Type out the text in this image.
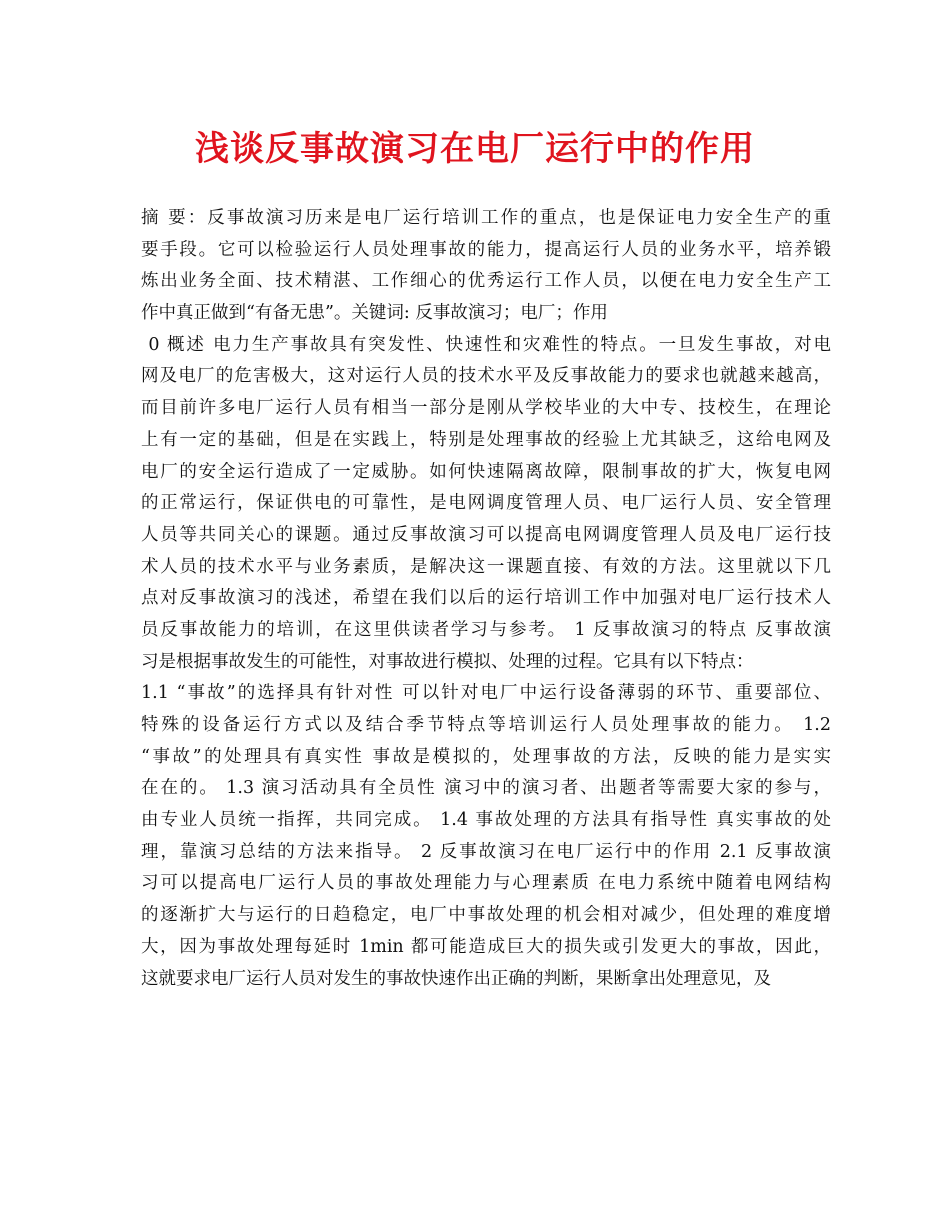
浅谈反事故演习在电厂运行中的作用
摘 要：反事故演习历来是电厂运行培训工作的重点，也是保证电力安全生产的重
要手段。它可以检验运行人员处理事故的能力，提高运行人员的业务水平，培养锻
炼出业务全面、技术精湛、工作细心的优秀运行工作人员，以便在电力安全生产工
作中真正做到“有备无患”。关键词: 反事故演习；电厂；作用
0 概述 电力生产事故具有突发性、快速性和灾难性的特点。一旦发生事故，对电
网及电厂的危害极大，这对运行人员的技术水平及反事故能力的要求也就越来越高，
而目前许多电厂运行人员有相当一部分是刚从学校毕业的大中专、技校生，在理论
上有一定的基础，但是在实践上，特别是处理事故的经验上尤其缺乏，这给电网及
电厂的安全运行造成了一定威胁。如何快速隔离故障，限制事故的扩大，恢复电网
的正常运行，保证供电的可靠性，是电网调度管理人员、电厂运行人员、安全管理
人员等共同关心的课题。通过反事故演习可以提高电网调度管理人员及电厂运行技
术人员的技术水平与业务素质，是解决这一课题直接、有效的方法。这里就以下几
点对反事故演习的浅述，希望在我们以后的运行培训工作中加强对电厂运行技术人
员反事故能力的培训，在这里供读者学习与参考。 1 反事故演习的特点 反事故演
习是根据事故发生的可能性，对事故进行模拟、处理的过程。它具有以下特点：
1.1 “事故”的选择具有针对性 可以针对电厂中运行设备薄弱的环节、重要部位、
特殊的设备运行方式以及结合季节特点等培训运行人员处理事故的能力。 1.2
“事故”的处理具有真实性 事故是模拟的，处理事故的方法，反映的能力是实实
在在的。 1.3 演习活动具有全员性 演习中的演习者、出题者等需要大家的参与，
由专业人员统一指挥，共同完成。 1.4 事故处理的方法具有指导性 真实事故的处
理，靠演习总结的方法来指导。 2 反事故演习在电厂运行中的作用 2.1 反事故演
习可以提高电厂运行人员的事故处理能力与心理素质 在电力系统中随着电网结构
的逐渐扩大与运行的日趋稳定，电厂中事故处理的机会相对减少，但处理的难度增
大，因为事故处理每延时 1min 都可能造成巨大的损失或引发更大的事故，因此，
这就要求电厂运行人员对发生的事故快速作出正确的判断，果断拿出处理意见，及
